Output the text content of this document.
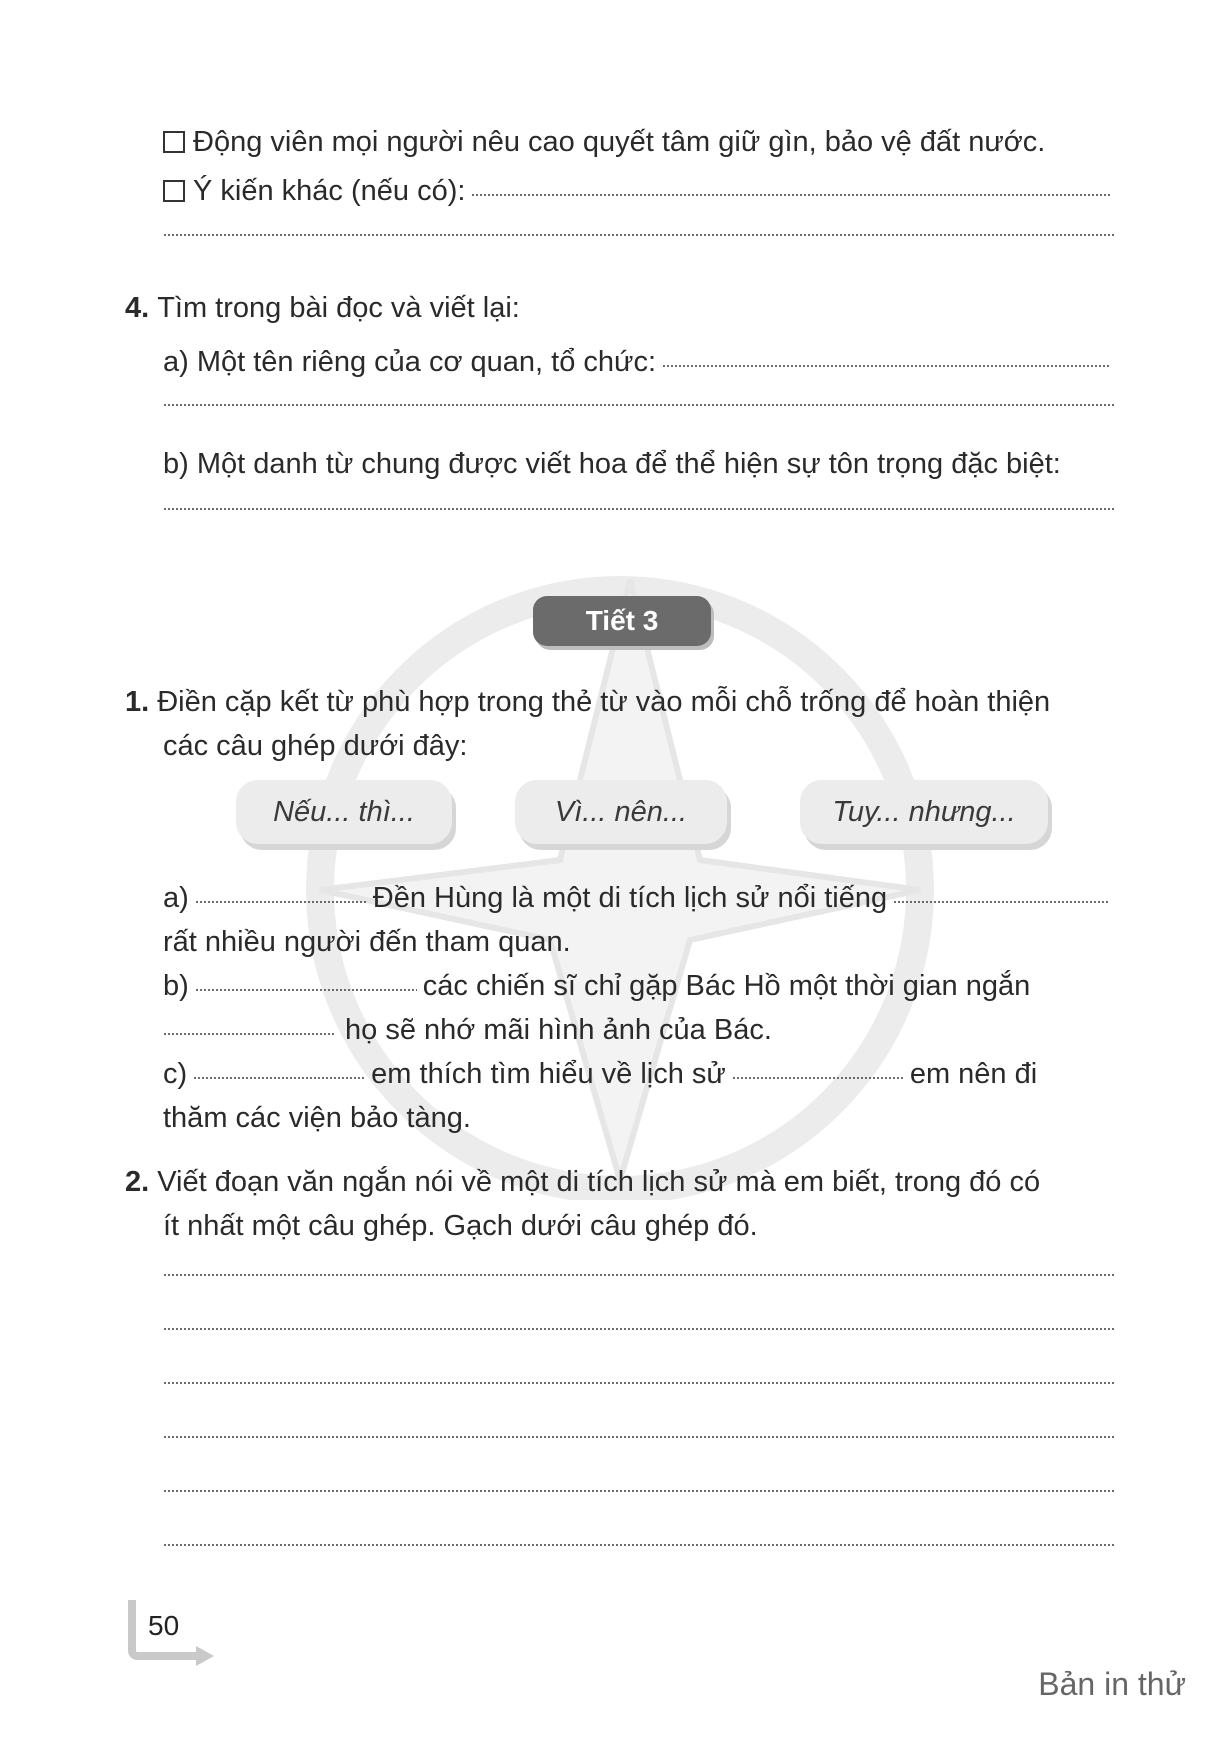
Động viên mọi người nêu cao quyết tâm giữ gìn, bảo vệ đất nước.
Ý kiến khác (nếu có):
4. Tìm trong bài đọc và viết lại:
a) Một tên riêng của cơ quan, tổ chức:
b) Một danh từ chung được viết hoa để thể hiện sự tôn trọng đặc biệt:
Tiết 3
1. Điền cặp kết từ phù hợp trong thẻ từ vào mỗi chỗ trống để hoàn thiện
các câu ghép dưới đây:
Nếu... thì...	Vì... nên...	Tuy... nhưng...
a)	Đền Hùng là một di tích lịch sử nổi tiếng
rất nhiều người đến tham quan.
b)	các chiến sĩ chỉ gặp Bác Hồ một thời gian ngắn
họ sẽ nhớ mãi hình ảnh của Bác.
c)	em thích tìm hiểu về lịch sử	em nên đi
thăm các viện bảo tàng.
2. Viết đoạn văn ngắn nói về một di tích lịch sử mà em biết, trong đó có
ít nhất một câu ghép. Gạch dưới câu ghép đó.
50
Bản in thử
